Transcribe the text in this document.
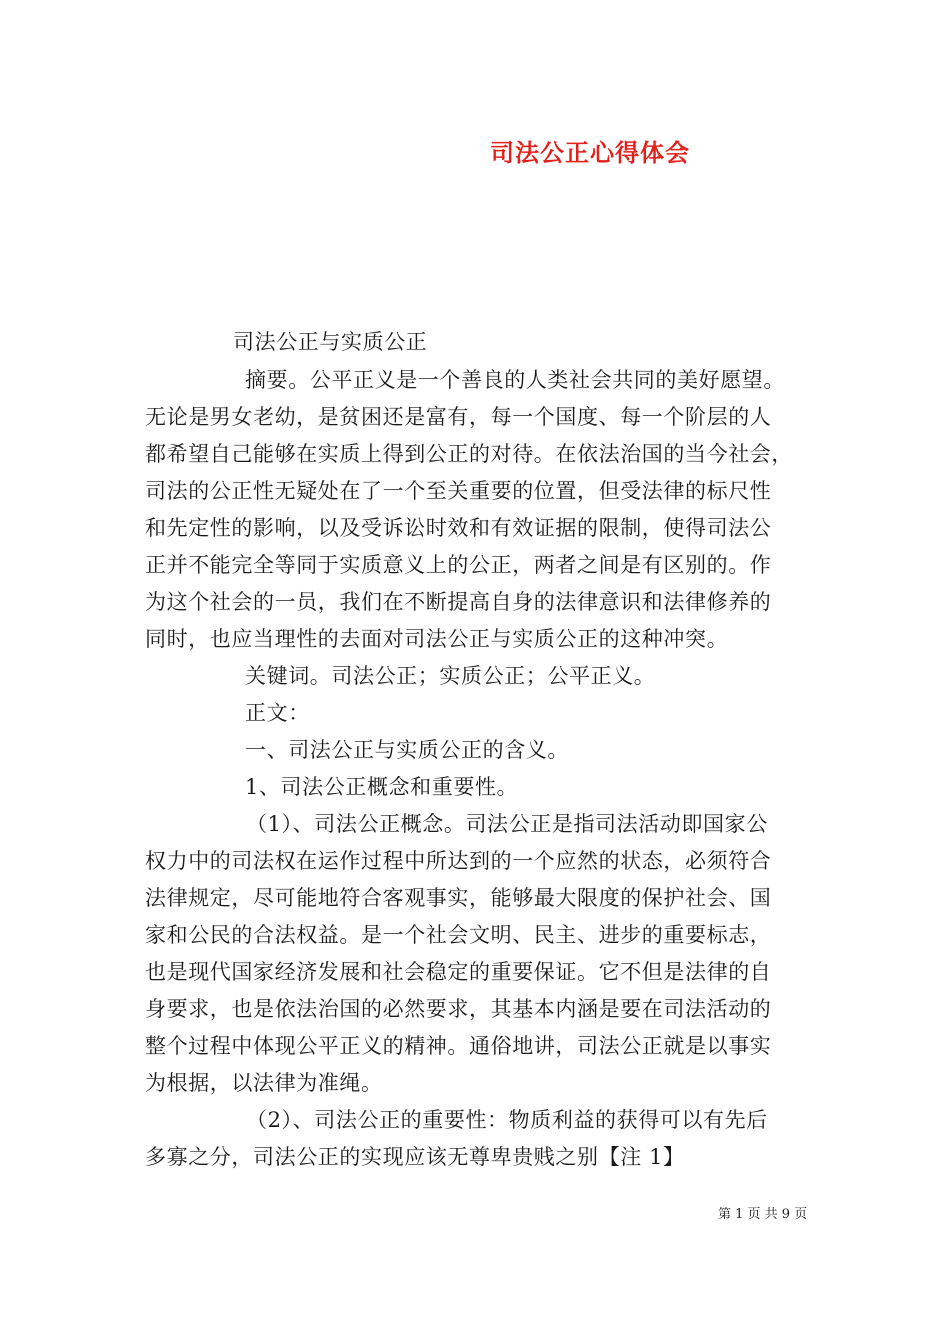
司法公正心得体会
司法公正与实质公正
摘要。公平正义是一个善良的人类社会共同的美好愿望。
无论是男女老幼，是贫困还是富有，每一个国度、每一个阶层的人
都希望自己能够在实质上得到公正的对待。在依法治国的当今社会，
司法的公正性无疑处在了一个至关重要的位置，但受法律的标尺性
和先定性的影响，以及受诉讼时效和有效证据的限制，使得司法公
正并不能完全等同于实质意义上的公正，两者之间是有区别的。作
为这个社会的一员，我们在不断提高自身的法律意识和法律修养的
同时，也应当理性的去面对司法公正与实质公正的这种冲突。
关键词。司法公正；实质公正；公平正义。
正文：
一、司法公正与实质公正的含义。
1、司法公正概念和重要性。
（1）、司法公正概念。司法公正是指司法活动即国家公
权力中的司法权在运作过程中所达到的一个应然的状态，必须符合
法律规定，尽可能地符合客观事实，能够最大限度的保护社会、国
家和公民的合法权益。是一个社会文明、民主、进步的重要标志，
也是现代国家经济发展和社会稳定的重要保证。它不但是法律的自
身要求，也是依法治国的必然要求，其基本内涵是要在司法活动的
整个过程中体现公平正义的精神。通俗地讲，司法公正就是以事实
为根据，以法律为准绳。
（2）、司法公正的重要性：物质利益的获得可以有先后
多寡之分，司法公正的实现应该无尊卑贵贱之别【注 1】
第 1 页 共 9 页
